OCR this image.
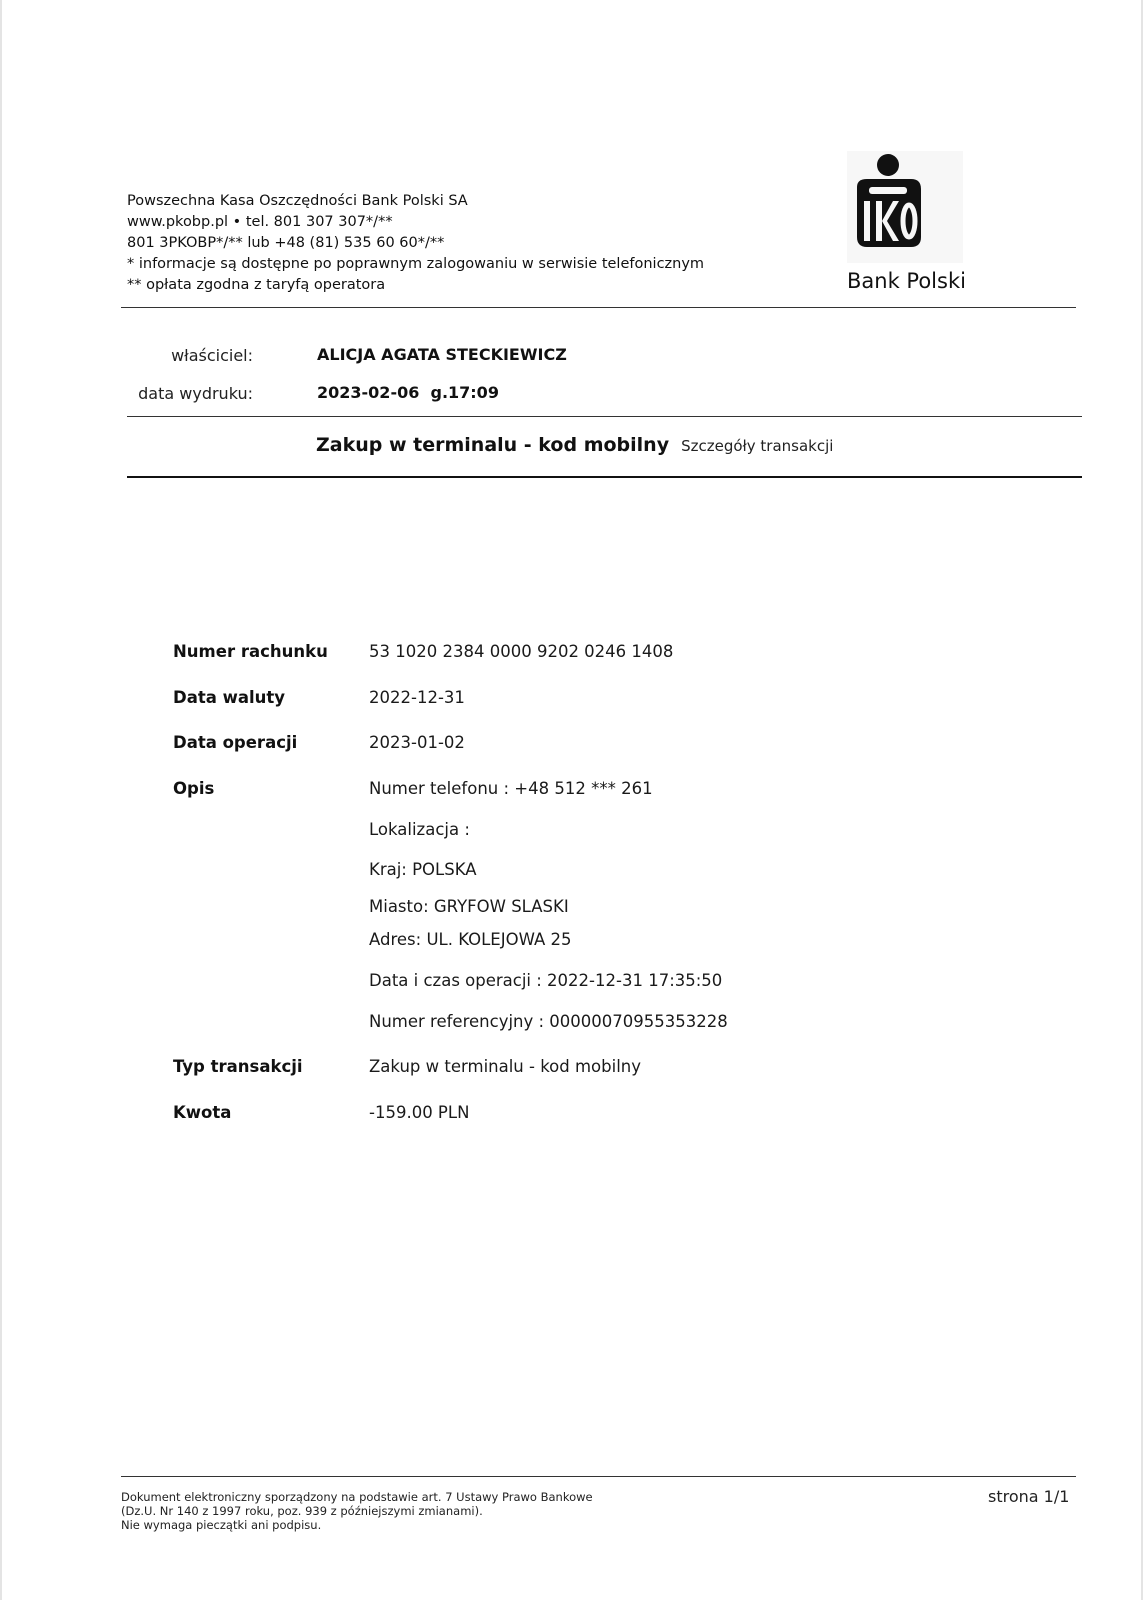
Powszechna Kasa Oszczędności Bank Polski SA
www.pkobp.pl • tel. 801 307 307*/**
801 3PKOBP*/** lub +48 (81) 535 60 60*/**
* informacje są dostępne po poprawnym zalogowaniu w serwisie telefonicznym
** opłata zgodna z taryfą operatora	Bank Polski
właściciel:	ALICJA AGATA STECKIEWICZ
data wydruku:	2023-02-06  g.17:09
Zakup w terminalu - kod mobilny Szczegóły transakcji
Numer rachunku 53 1020 2384 0000 9202 0246 1408
Data waluty	2022-12-31
Data operacji	2023-01-02
Opis	Numer telefonu : +48 512 *** 261
Lokalizacja :
Kraj: POLSKA
Miasto: GRYFOW SLASKI
Adres: UL. KOLEJOWA 25
Data i czas operacji : 2022-12-31 17:35:50
Numer referencyjny : 00000070955353228
Typ transakcji	Zakup w terminalu - kod mobilny
Kwota	-159.00 PLN
Dokument elektroniczny sporządzony na podstawie art. 7 Ustawy Prawo Bankowe
(Dz.U. Nr 140 z 1997 roku, poz. 939 z późniejszymi zmianami).
Nie wymaga pieczątki ani podpisu.
strona 1/1
